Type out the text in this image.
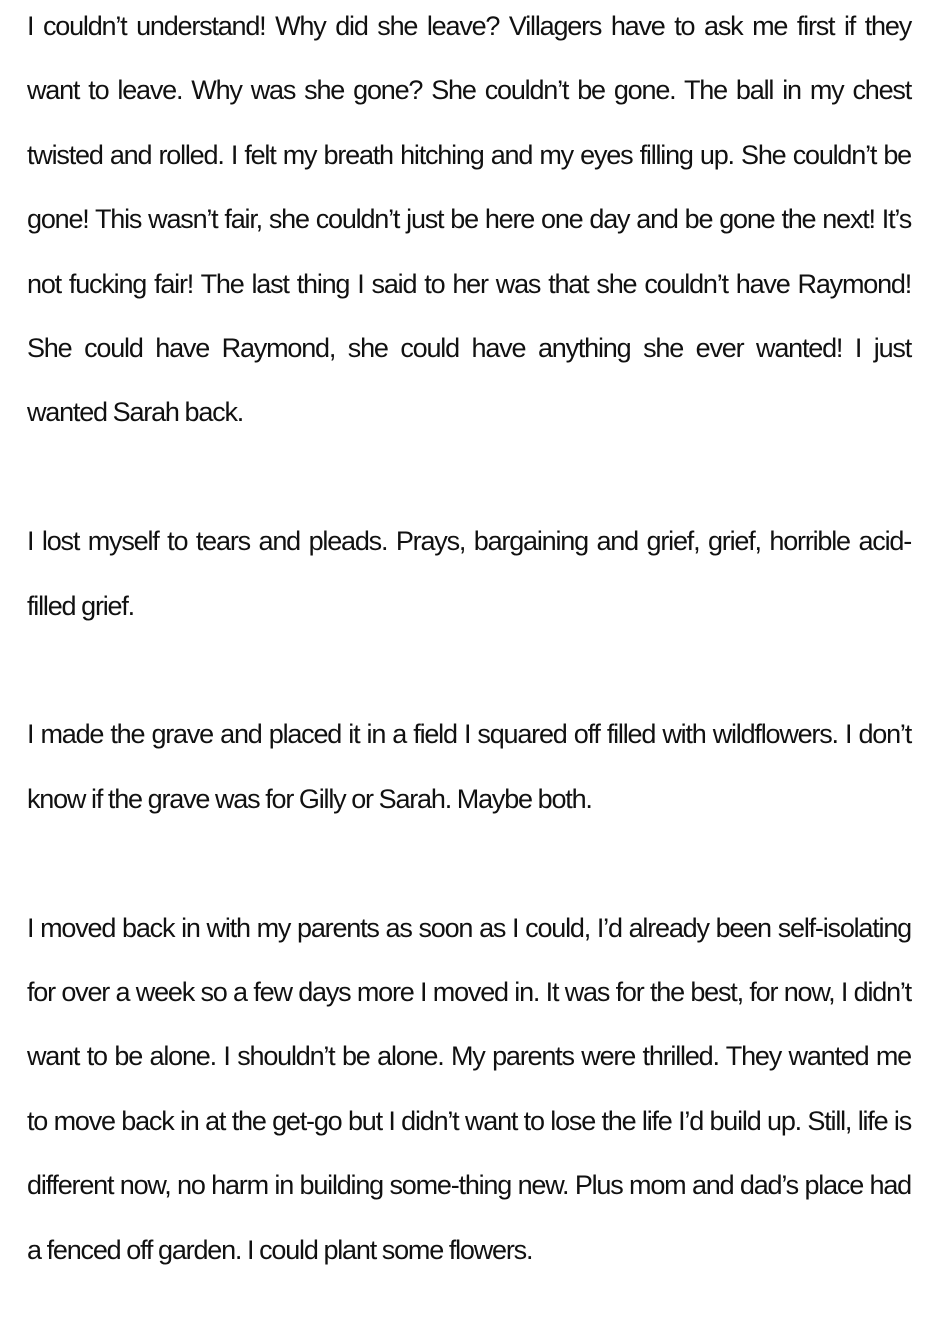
I couldn’t understand! Why did she leave? Villagers have to ask me first if they want to leave. Why was she gone? She couldn’t be gone. The ball in my chest twisted and rolled. I felt my breath hitching and my eyes filling up. She couldn’t be gone! This wasn’t fair, she couldn’t just be here one day and be gone the next! It’s not fucking fair! The last thing I said to her was that she couldn’t have Raymond! She could have Raymond, she could have anything she ever wanted! I just wanted Sarah back.

I lost myself to tears and pleads. Prays, bargaining and grief, grief, horrible acid-filled grief.

I made the grave and placed it in a field I squared off filled with wildflowers. I don’t know if the grave was for Gilly or Sarah. Maybe both.

I moved back in with my parents as soon as I could, I’d already been self-isolating for over a week so a few days more I moved in. It was for the best, for now, I didn’t want to be alone. I shouldn’t be alone. My parents were thrilled. They wanted me to move back in at the get-go but I didn’t want to lose the life I’d build up. Still, life is different now, no harm in building some-thing new. Plus mom and dad’s place had a fenced off garden. I could plant some flowers.
